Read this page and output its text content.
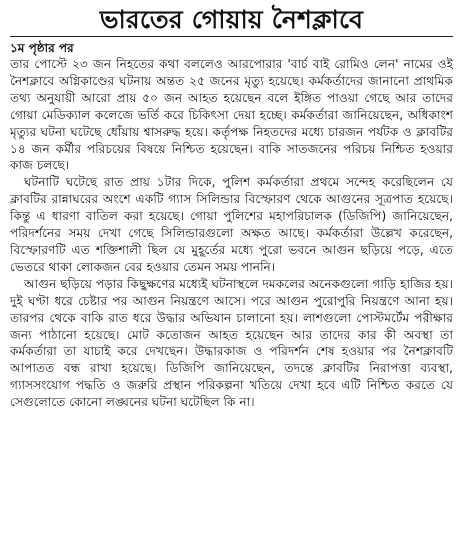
ভারতের গোয়ায় নৈশক্লাবে

১ম পৃষ্ঠার পর

তার পোস্টে ২৩ জন নিহতের কথা বললেও আরপোরার 'বার্চ বাই রোমিও লেন' নামের ওই নৈশক্লাবে অগ্নিকাণ্ডের ঘটনায় অন্তত ২৫ জনের মৃত্যু হয়েছে। কর্মকর্তাদের জানানো প্রাথমিক তথ্য অনুযায়ী আরো প্রায় ৫০ জন আহত হয়েছেন বলে ইঙ্গিত পাওয়া গেছে আর তাদের গোয়া মেডিক্যাল কলেজে ভর্তি করে চিকিৎসা দেয়া হচ্ছে। কর্মকর্তারা জানিয়েছেন, অধিকাংশ মৃত্যুর ঘটনা ঘটেছে ধোঁয়ায় শ্বাসরুদ্ধ হয়ে। কর্তৃপক্ষ নিহতদের মধ্যে চারজন পর্যটক ও ক্লাবটির ১৪ জন কর্মীর পরিচয়ের বিষয়ে নিশ্চিত হয়েছেন। বাকি সাতজনের পরিচয় নিশ্চিত হওয়ার কাজ চলছে।

ঘটনাটি ঘটেছে রাত প্রায় ১টার দিকে, পুলিশ কর্মকর্তারা প্রথমে সন্দেহ করেছিলেন যে ক্লাবটির রান্নাঘরের অংশে একটি গ্যাস সিলিন্ডার বিস্ফোরণ থেকে আগুনের সূত্রপাত হয়েছে। কিন্তু এ ধারণা বাতিল করা হয়েছে। গোয়া পুলিশের মহাপরিচালক (ডিজিপি) জানিয়েছেন, পরিদর্শনের সময় দেখা গেছে সিলিন্ডারগুলো অক্ষত আছে। কর্মকর্তারা উল্লেখ করেছেন, বিস্ফোরণটি এত শক্তিশালী ছিল যে মুহূর্তের মধ্যে পুরো ভবনে আগুন ছড়িয়ে পড়ে, এতে ভেতরে থাকা লোকজন বের হওয়ার তেমন সময় পাননি।

আগুন ছড়িয়ে পড়ার কিছুক্ষণের মধ্যেই ঘটনাস্থলে দমকলের অনেকগুলো গাড়ি হাজির হয়। দুই ঘণ্টা ধরে চেষ্টার পর আগুন নিয়ন্ত্রণে আসে। পরে আগুন পুরোপুরি নিয়ন্ত্রণে আনা হয়। তারপর থেকে বাকি রাত ধরে উদ্ধার অভিযান চালানো হয়। লাশগুলো পোস্টমর্টেম পরীক্ষার জন্য পাঠানো হয়েছে। মোট কতোজন আহত হয়েছেন আর তাদের কার কী অবস্থা তা কর্মকর্তারা তা যাচাই করে দেখছেন। উদ্ধারকাজ ও পরিদর্শন শেষ হওয়ার পর নৈশক্লাবটি আপাতত বন্ধ রাখা হয়েছে। ডিজিপি জানিয়েছেন, তদন্তে ক্লাবটির নিরাপত্তা ব্যবস্থা, গ্যাসসংযোগ পদ্ধতি ও জরুরি প্রস্থান পরিকল্পনা খতিয়ে দেখা হবে এটি নিশ্চিত করতে যে সেগুলোতে কোনো লঙ্ঘনের ঘটনা ঘটেছিল কি না।
